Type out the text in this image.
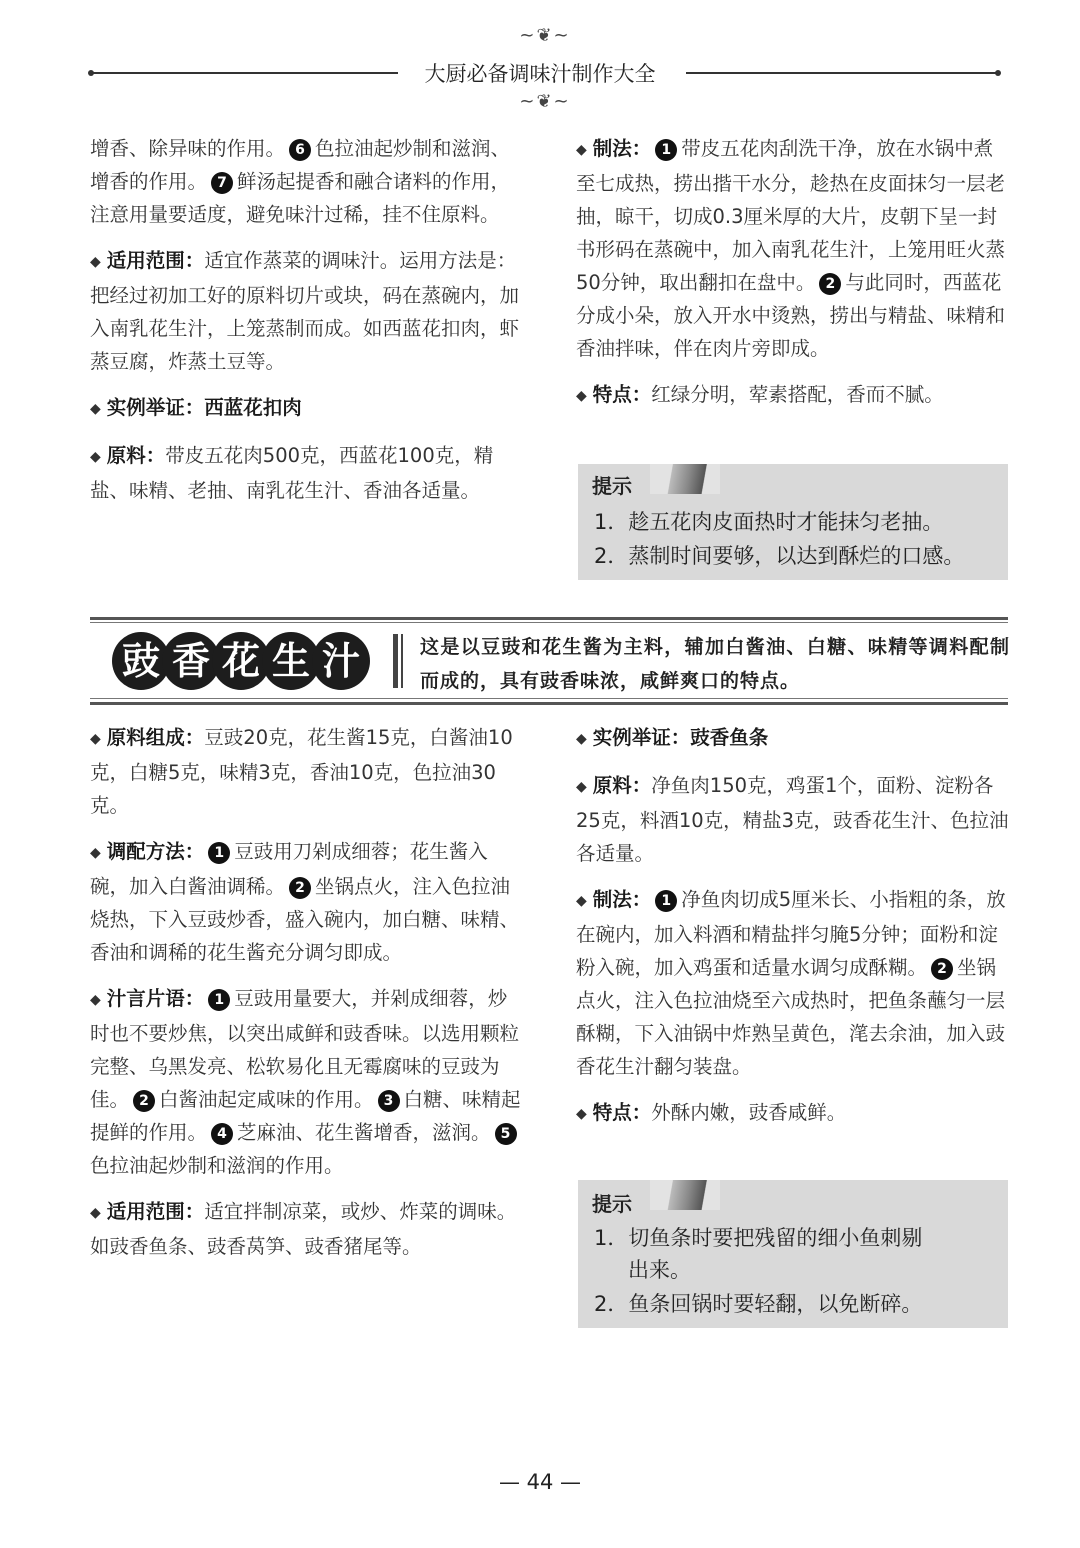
~❦~
大厨必备调味汁制作大全
~❦~

增香、除异味的作用。 6 色拉油起炒制和滋润、增香的作用。 7 鲜汤起提香和融合诸料的作用，注意用量要适度，避免味汁过稀，挂不住原料。

◆ 适用范围：适宜作蒸菜的调味汁。运用方法是：把经过初加工好的原料切片或块，码在蒸碗内，加入南乳花生汁，上笼蒸制而成。如西蓝花扣肉，虾蒸豆腐，炸蒸土豆等。

◆ 实例举证：西蓝花扣肉

◆ 原料：带皮五花肉500克，西蓝花100克，精盐、味精、老抽、南乳花生汁、香油各适量。

◆ 制法： 1 带皮五花肉刮洗干净，放在水锅中煮至七成热，捞出揩干水分，趁热在皮面抹匀一层老抽，晾干，切成0.3厘米厚的大片，皮朝下呈一封书形码在蒸碗中，加入南乳花生汁，上笼用旺火蒸50分钟，取出翻扣在盘中。 2 与此同时，西蓝花分成小朵，放入开水中烫熟，捞出与精盐、味精和香油拌味，伴在肉片旁即成。

◆ 特点：红绿分明，荤素搭配，香而不腻。

提示
1．趁五花肉皮面热时才能抹匀老抽。
2．蒸制时间要够，以达到酥烂的口感。
豉 香 花 生 汁	这是以豆豉和花生酱为主料，辅加白酱油、白糖、味精等调料配制而成的，具有豉香味浓，咸鲜爽口的特点。

◆ 原料组成：豆豉20克，花生酱15克，白酱油10克，白糖5克，味精3克，香油10克，色拉油30克。

◆ 调配方法： 1 豆豉用刀剁成细蓉；花生酱入碗，加入白酱油调稀。 2 坐锅点火，注入色拉油烧热，下入豆豉炒香，盛入碗内，加白糖、味精、香油和调稀的花生酱充分调匀即成。

◆ 汁言片语： 1 豆豉用量要大，并剁成细蓉，炒时也不要炒焦，以突出咸鲜和豉香味。以选用颗粒完整、乌黑发亮、松软易化且无霉腐味的豆豉为佳。 2 白酱油起定咸味的作用。 3 白糖、味精起提鲜的作用。 4 芝麻油、花生酱增香，滋润。 5色拉油起炒制和滋润的作用。

◆ 适用范围：适宜拌制凉菜，或炒、炸菜的调味。如豉香鱼条、豉香莴笋、豉香猪尾等。

◆ 实例举证：豉香鱼条

◆ 原料：净鱼肉150克，鸡蛋1个，面粉、淀粉各25克，料酒10克，精盐3克，豉香花生汁、色拉油各适量。

◆ 制法： 1 净鱼肉切成5厘米长、小指粗的条，放在碗内，加入料酒和精盐拌匀腌5分钟；面粉和淀粉入碗，加入鸡蛋和适量水调匀成酥糊。 2 坐锅点火，注入色拉油烧至六成热时，把鱼条蘸匀一层酥糊，下入油锅中炸熟呈黄色，滗去余油，加入豉香花生汁翻匀装盘。

◆ 特点：外酥内嫩，豉香咸鲜。

提示
1．切鱼条时要把残留的细小鱼刺剔
出来。
2．鱼条回锅时要轻翻，以免断碎。
— 44 —
